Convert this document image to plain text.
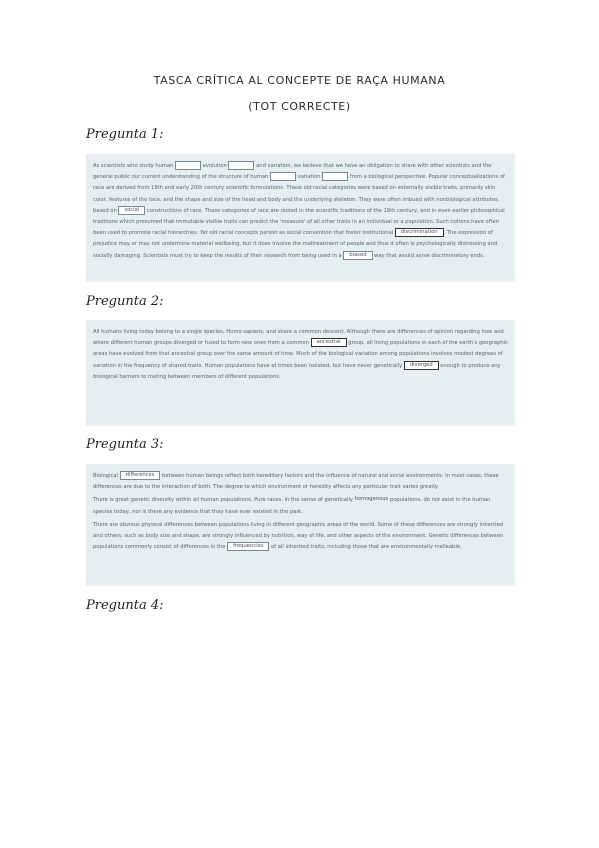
TASCA CRÍTICA AL CONCEPTE DE RAÇA HUMANA
(TOT CORRECTE)
Pregunta 1:

As scientists who study human	evolution	and variation, we believe that we have an obligation to share with other scientists and the general public our current understanding of the structure of human	variation	from a biological perspective. Popular conceptualizations of race are derived from 18th and early 20th century scientific formulations. These old racial categories were based on externally visible traits, primarily skin color, features of the face, and the shape and size of the head and body and the underlying skeleton. They were often imbued with nonbiological attributes, based on social constructions of race. These categories of race are rooted in the scientific traditions of the 19th century, and in even earlier philosophical traditions which presumed that immutable visible traits can predict the 'measure' of all other traits in an individual or a population. Such notions have often been used to promote racial hierarchies. Yet old racial concepts persist as social convention that foster institutional discrimination . The expression of prejudice may or may not undermine material wellbeing, but it does involve the maltreatment of people and thus it often is psychologically distressing and socially damaging. Scientists must try to keep the results of their research from being used in a biased way that would serve discriminatory ends.

Pregunta 2:

All humans living today belong to a single species, Homo sapiens, and share a common descent. Although there are differences of opinion regarding how and where different human groups diverged or fused to form new ones from a common ancestral group, all living populations in each of the earth's geographic areas have evolved from that ancestral group over the same amount of time. Much of the biological variation among populations involves modest degrees of variation in the frequency of shared traits. Human populations have at times been isolated, but have never genetically diverged enough to produce any biological barriers to mating between members of different populations.

Pregunta 3:

Biological differences between human beings reflect both hereditary factors and the influence of natural and social environments. In most cases, these differences are due to the interaction of both. The degree to which environment or heredity affects any particular trait varies greatly.

There is great genetic diversity within all human populations. Pure races, in the sense of genetically homogenous populations, do not exist in the human species today, nor is there any evidence that they have ever existed in the past.

There are obvious physical differences between populations living in different geographic areas of the world. Some of these differences are strongly inherited and others, such as body size and shape, are strongly influenced by nutrition, way of life, and other aspects of the environment. Genetic differences between populations commonly consist of differences in the frequencies of all inherited traits, including those that are environmentally malleable.

Pregunta 4:
